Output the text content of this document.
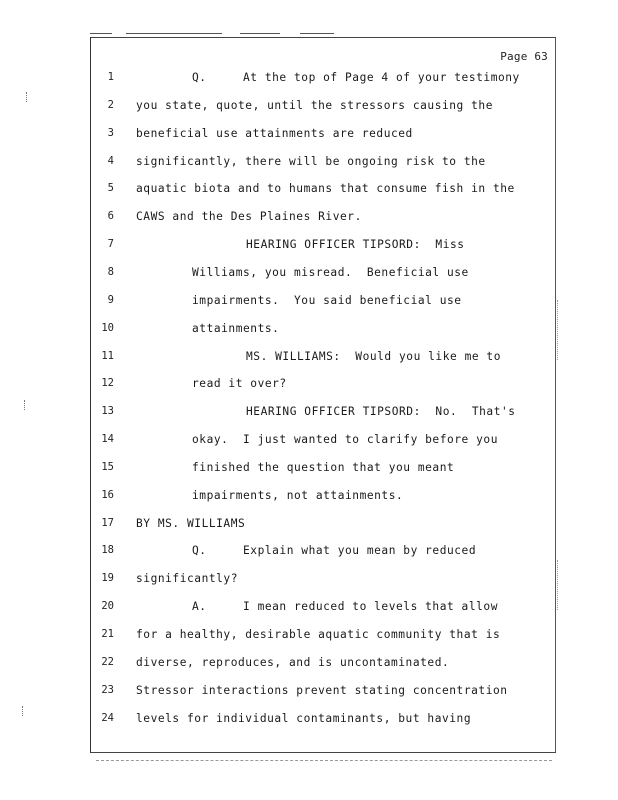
Page 63
1	Q.     At the top of Page 4 of your testimony
2 you state, quote, until the stressors causing the
3 beneficial use attainments are reduced
4 significantly, there will be ongoing risk to the
5 aquatic biota and to humans that consume fish in the
6 CAWS and the Des Plaines River.
7	HEARING OFFICER TIPSORD:  Miss
8	Williams, you misread.  Beneficial use
9	impairments.  You said beneficial use
10	attainments.
11	MS. WILLIAMS:  Would you like me to
12	read it over?
13	HEARING OFFICER TIPSORD:  No.  That's
14	okay.  I just wanted to clarify before you
15	finished the question that you meant
16	impairments, not attainments.
17 BY MS. WILLIAMS
18	Q.     Explain what you mean by reduced
19 significantly?
20	A.     I mean reduced to levels that allow
21 for a healthy, desirable aquatic community that is
22 diverse, reproduces, and is uncontaminated.
23 Stressor interactions prevent stating concentration
24 levels for individual contaminants, but having
